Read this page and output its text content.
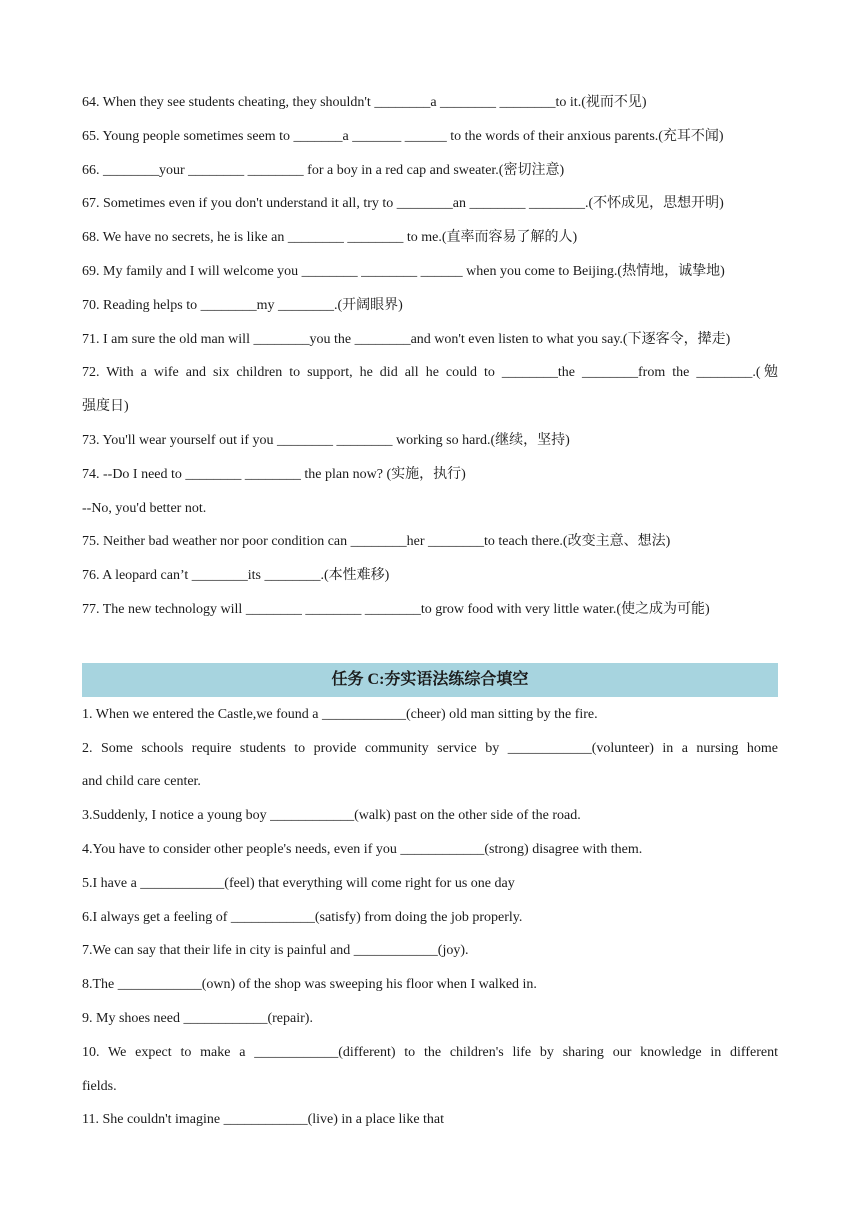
64. When they see students cheating, they shouldn't ________a ________ ________to it.(视而不见)
65. Young people sometimes seem to _______a _______ ______ to the words of their anxious parents.(充耳不闻)
66. ________your ________ ________ for a boy in a red cap and sweater.(密切注意)
67. Sometimes even if you don't understand it all, try to ________an ________ ________.(不怀成见，思想开明)
68. We have no secrets, he is like an ________ ________ to me.(直率而容易了解的人)
69. My family and I will welcome you ________ ________ ______ when you come to Beijing.(热情地，诚挚地)
70. Reading helps to ________my ________.(开阔眼界)
71. I am sure the old man will ________you the ________and won't even listen to what you say.(下逐客令，撵走)
72. With a wife and six children to support, he did all he could to ________the ________from the ________.(勉
强度日)
73. You'll wear yourself out if you ________ ________ working so hard.(继续，坚持)
74. --Do I need to ________ ________ the plan now? (实施，执行)
--No, you'd better not.
75. Neither bad weather nor poor condition can ________her ________to teach there.(改变主意、想法)
76. A leopard can’t ________its ________.(本性难移)
77. The new technology will ________ ________ ________to grow food with very little water.(使之成为可能)
任务 C:夯实语法练综合填空
1. When we entered the Castle,we found a ____________(cheer) old man sitting by the fire.
2. Some schools require students to provide community service by ____________(volunteer) in a nursing home
and child care center.
3.Suddenly, I notice a young boy ____________(walk) past on the other side of the road.
4.You have to consider other people's needs, even if you ____________(strong) disagree with them.
5.I have a ____________(feel) that everything will come right for us one day
6.I always get a feeling of ____________(satisfy) from doing the job properly.
7.We can say that their life in city is painful and ____________(joy).
8.The ____________(own) of the shop was sweeping his floor when I walked in.
9. My shoes need ____________(repair).
10. We expect to make a ____________(different) to the children's life by sharing our knowledge in different
fields.
11. She couldn't imagine ____________(live) in a place like that
